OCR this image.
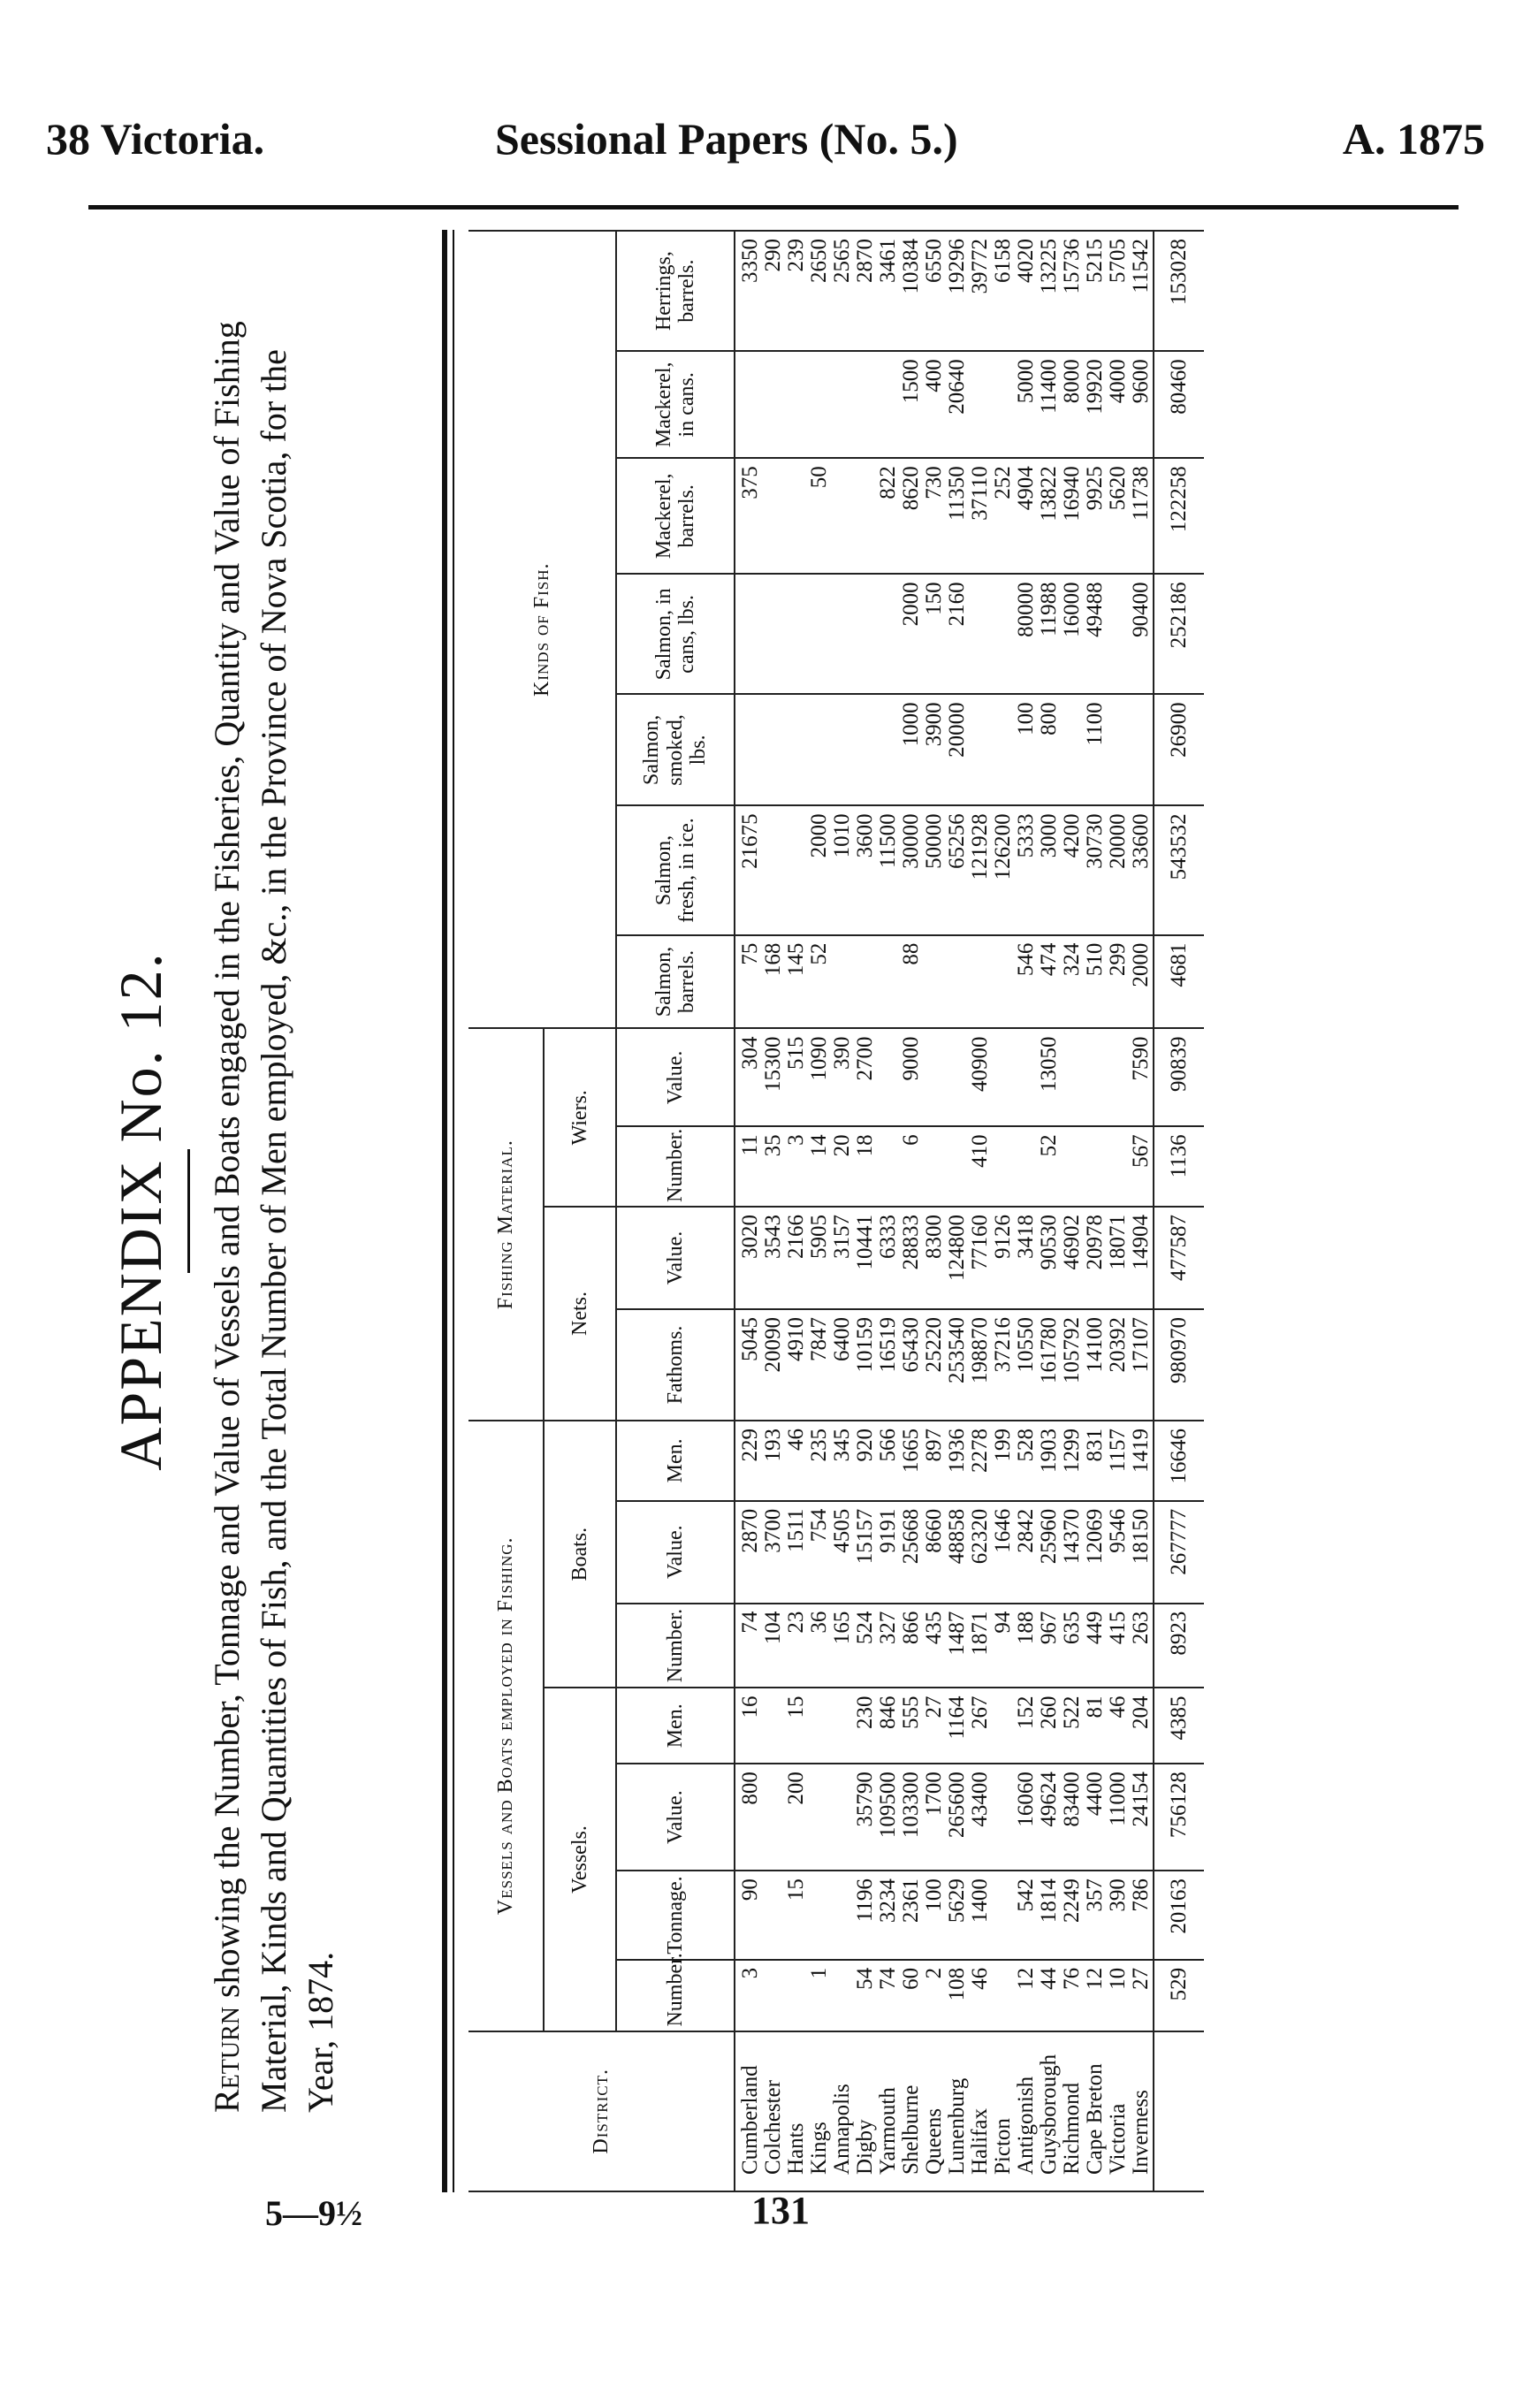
38 Victoria.	Sessional Papers (No. 5.)	A. 1875
APPENDIX No. 12.
Return showing the Number, Tonnage and Value of Vessels and Boats engaged in the Fisheries, Quantity and Value of Fishing Material, Kinds and Quantities of Fish, and the Total Number of Men employed, &c., in the Province of Nova Scotia, for the Year, 1874.	District.	Vessels and Boats employed in Fishing.							Fishing Material.				Kinds of Fish.						
	Vessels.				Boats.			Nets.		Wiers.								
	Number.	Tonnage.	Value.	Men.	Number.	Value.	Men.	Fathoms.	Value.	Number.	Value.	Salmon, barrels.	Salmon, fresh, in ice.	Salmon, smoked, lbs.	Salmon, in cans, lbs.	Mackerel, barrels.	Mackerel, in cans.	Herrings, barrels.
Cumberland	3	90	800	16	74	2870	229	5045	3020	11	304	75	21675			375		3350
Colchester					104	3700	193	20090	3543	35	15300	168						290
Hants		15	200	15	23	1511	46	4910	2166	3	515	145						239
Kings	1				36	754	235	7847	5905	14	1090	52	2000			50		2650
Annapolis					165	4505	345	6400	3157	20	390		1010					2565
Digby	54	1196	35790	230	524	15157	920	10159	10441	18	2700		3600					2870
Yarmouth	74	3234	109500	846	327	9191	566	16519	6333				11500			822		3461
Shelburne	60	2361	103300	555	866	25668	1665	65430	28833	6	9000	88	30000	1000	2000	8620	1500	10384
Queens	2	100	1700	27	435	8660	897	25220	8300				50000	3900	150	730	400	6550
Lunenburg	108	5629	265600	1164	1487	48858	1936	253540	124800				65256	20000	2160	11350	20640	19296
Halifax	46	1400	43400	267	1871	62320	2278	198870	77160	410	40900		121928			37110		39772
Picton					94	1646	199	37216	9126				126200			252		6158
Antigonish	12	542	16060	152	188	2842	528	10550	3418			546	5333	100	80000	4904	5000	4020
Guysborough	44	1814	49624	260	967	25960	1903	161780	90530	52	13050	474	3000	800	11988	13822	11400	13225
Richmond	76	2249	83400	522	635	14370	1299	105792	46902			324	4200		16000	16940	8000	15736
Cape Breton	12	357	4400	81	449	12069	831	14100	20978			510	30730	1100	49488	9925	19920	5215
Victoria	10	390	11000	46	415	9546	1157	20392	18071			299	20000			5620	4000	5705
Inverness	27	786	24154	204	263	18150	1419	17107	14904	567	7590	2000	33600		90400	11738	9600	11542
	529	20163	756128	4385	8923	267777	16646	980970	477587	1136	90839	4681	543532	26900	252186	122258	80460	153028
5—9½	131
